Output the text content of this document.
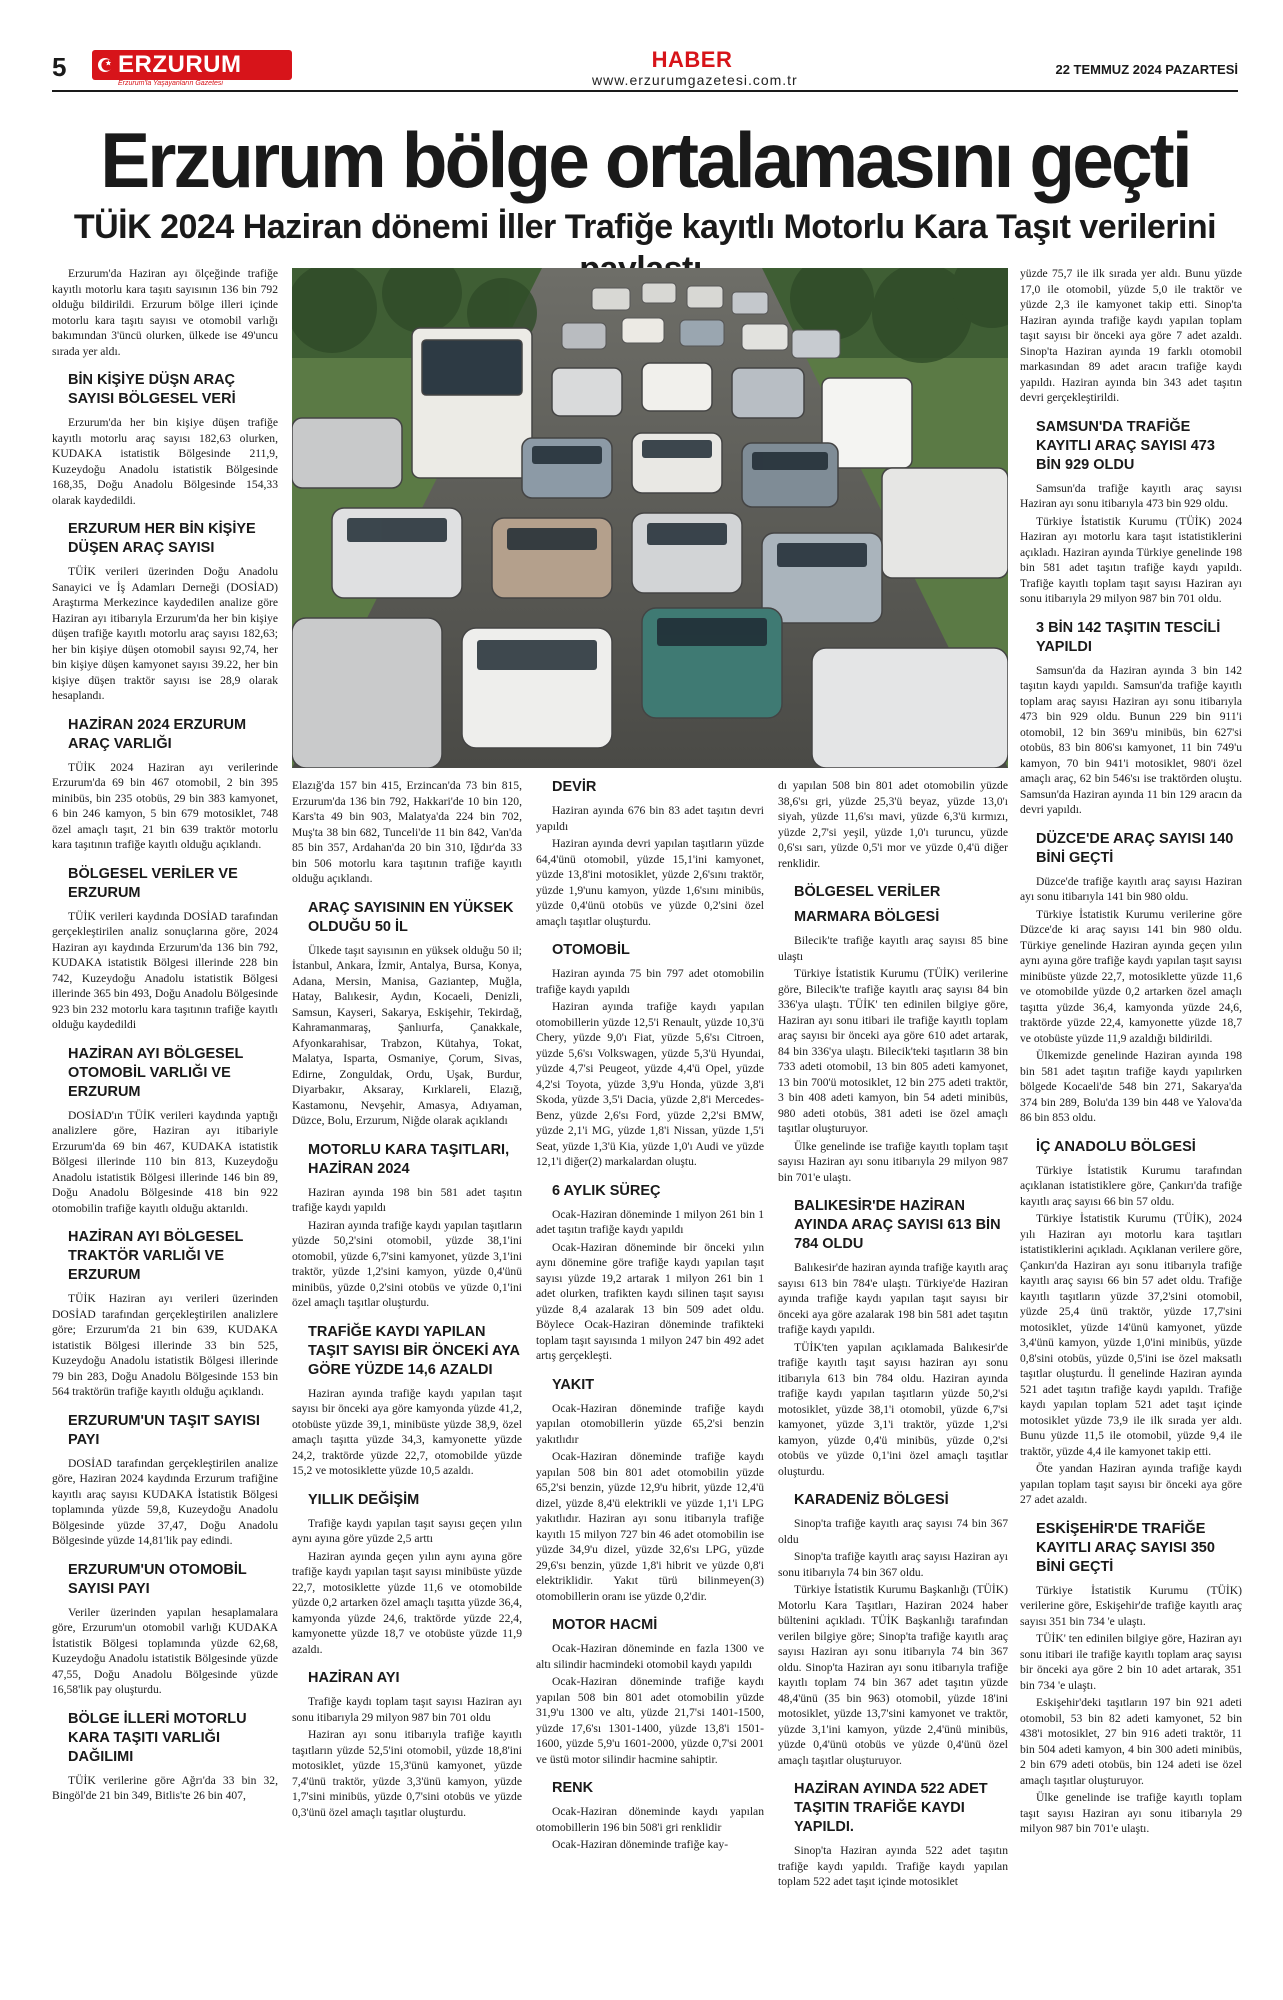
5 ERZURUM
Erzurum'la Yaşayanların Gazetesi
HABER
www.erzurumgazetesi.com.tr
22 TEMMUZ 2024 PAZARTESİ
Erzurum bölge ortalamasını geçti
TÜİK 2024 Haziran dönemi İller Trafiğe kayıtlı Motorlu Kara Taşıt verilerini

Erzurum'da Haziran ayı ölçeğinde trafiğe kayıtlı motorlu kara taşıtı sayısının 136 bin 792 olduğu bildirildi. Erzurum bölge illeri içinde motorlu kara taşıtı sayısı ve otomobil varlığı bakımından 3'üncü olurken, ülkede ise 49'uncu sırada yer aldı.

BİN KİŞİYE DÜŞN ARAÇ SAYISI BÖLGESEL VERİ

Erzurum'da her bin kişiye düşen trafiğe kayıtlı motorlu araç sayısı 182,63 olurken, KUDAKA istatistik Bölgesinde 211,9, Kuzeydoğu Anadolu istatistik Bölgesinde 168,35, Doğu Anadolu Bölgesinde 154,33 olarak kaydedildi.

ERZURUM HER BİN KİŞİYE DÜŞEN ARAÇ SAYISI

TÜİK verileri üzerinden Doğu Anadolu Sanayici ve İş Adamları Derneği (DOSİAD) Araştırma Merkezince kaydedilen analize göre Haziran ayı itibarıyla Erzurum'da her bin kişiye düşen trafiğe kayıtlı motorlu araç sayısı 182,63; her bin kişiye düşen otomobil sayısı 92,74, her bin kişiye düşen kamyonet sayısı 39.22, her bin kişiye düşen traktör sayısı ise 28,9 olarak hesaplandı.

HAZİRAN 2024 ERZURUM ARAÇ VARLIĞI

TÜİK 2024 Haziran ayı verilerinde Erzurum'da 69 bin 467 otomobil, 2 bin 395 minibüs, bin 235 otobüs, 29 bin 383 kamyonet, 6 bin 246 kamyon, 5 bin 679 motosiklet, 748 özel amaçlı taşıt, 21 bin 639 traktör motorlu kara taşıtının trafiğe kayıtlı olduğu açıklandı.

BÖLGESEL VERİLER VE ERZURUM

TÜİK verileri kaydında DOSİAD tarafından gerçekleştirilen analiz sonuçlarına göre, 2024 Haziran ayı kaydında Erzurum'da 136 bin 792, KUDAKA istatistik Bölgesi illerinde 228 bin 742, Kuzeydoğu Anadolu istatistik Bölgesi illerinde 365 bin 493, Doğu Anadolu Bölgesinde 923 bin 232 motorlu kara taşıtının trafiğe kayıtlı olduğu kaydedildi

HAZİRAN AYI BÖLGESEL OTOMOBİL VARLIĞI VE ERZURUM

DOSİAD'ın TÜİK verileri kaydında yaptığı analizlere göre, Haziran ayı itibariyle Erzurum'da 69 bin 467, KUDAKA istatistik Bölgesi illerinde 110 bin 813, Kuzeydoğu Anadolu istatistik Bölgesi illerinde 146 bin 89, Doğu Anadolu Bölgesinde 418 bin 922 otomobilin trafiğe kayıtlı olduğu aktarıldı.

HAZİRAN AYI BÖLGESEL TRAKTÖR VARLIĞI VE ERZURUM

TÜİK Haziran ayı verileri üzerinden DOSİAD tarafından gerçekleştirilen analizlere göre; Erzurum'da 21 bin 639, KUDAKA istatistik Bölgesi illerinde 33 bin 525, Kuzeydoğu Anadolu istatistik Bölgesi illerinde 79 bin 283, Doğu Anadolu Bölgesinde 153 bin 564 traktörün trafiğe kayıtlı olduğu açıklandı.

ERZURUM'UN TAŞIT SAYISI PAYI

DOSİAD tarafından gerçekleştirilen analize göre, Haziran 2024 kaydında Erzurum trafiğine kayıtlı araç sayısı KUDAKA İstatistik Bölgesi toplamında yüzde 59,8, Kuzeydoğu Anadolu Bölgesinde yüzde 37,47, Doğu Anadolu Bölgesinde yüzde 14,81'lik pay edindi.

ERZURUM'UN OTOMOBİL SAYISI PAYI

Veriler üzerinden yapılan hesaplamalara göre, Erzurum'un otomobil varlığı KUDAKA İstatistik Bölgesi toplamında yüzde 62,68, Kuzeydoğu Anadolu istatistik Bölgesinde yüzde 47,55, Doğu Anadolu Bölgesinde yüzde 16,58'lik pay oluşturdu.

BÖLGE İLLERİ MOTORLU KARA TAŞITI VARLIĞI DAĞILIMI

TÜİK verilerine göre Ağrı'da 33 bin 32, Bingöl'de 21 bin 349, Bitlis'te 26 bin 407,

Elazığ'da 157 bin 415, Erzincan'da 73 bin 815, Erzurum'da 136 bin 792, Hakkari'de 10 bin 120, Kars'ta 49 bin 903, Malatya'da 224 bin 702, Muş'ta 38 bin 682, Tunceli'de 11 bin 842, Van'da 85 bin 357, Ardahan'da 20 bin 310, Iğdır'da 33 bin 506 motorlu kara taşıtının trafiğe kayıtlı olduğu açıklandı.

ARAÇ SAYISININ EN YÜKSEK OLDUĞU 50 İL

Ülkede taşıt sayısının en yüksek olduğu 50 il; İstanbul, Ankara, İzmir, Antalya, Bursa, Konya, Adana, Mersin, Manisa, Gaziantep, Muğla, Hatay, Balıkesir, Aydın, Kocaeli, Denizli, Samsun, Kayseri, Sakarya, Eskişehir, Tekirdağ, Kahramanmaraş, Şanlıurfa, Çanakkale, Afyonkarahisar, Trabzon, Kütahya, Tokat, Malatya, Isparta, Osmaniye, Çorum, Sivas, Edirne, Zonguldak, Ordu, Uşak, Burdur, Diyarbakır, Aksaray, Kırklareli, Elazığ, Kastamonu, Nevşehir, Amasya, Adıyaman, Düzce, Bolu, Erzurum, Niğde olarak açıklandı

MOTORLU KARA TAŞITLARI, HAZİRAN 2024

Haziran ayında 198 bin 581 adet taşıtın trafiğe kaydı yapıldı

Haziran ayında trafiğe kaydı yapılan taşıtların yüzde 50,2'sini otomobil, yüzde 38,1'ini otomobil, yüzde 6,7'sini kamyonet, yüzde 3,1'ini traktör, yüzde 1,2'sini kamyon, yüzde 0,4'ünü minibüs, yüzde 0,2'sini otobüs ve yüzde 0,1'ini özel amaçlı taşıtlar oluşturdu.

TRAFİĞE KAYDI YAPILAN TAŞIT SAYISI BİR ÖNCEKİ AYA GÖRE YÜZDE 14,6 AZALDI

Haziran ayında trafiğe kaydı yapılan taşıt sayısı bir önceki aya göre kamyonda yüzde 41,2, otobüste yüzde 39,1, minibüste yüzde 38,9, özel amaçlı taşıtta yüzde 34,3, kamyonette yüzde 24,2, traktörde yüzde 22,7, otomobilde yüzde 15,2 ve motosiklette yüzde 10,5 azaldı.

YILLIK DEĞİŞİM

Trafiğe kaydı yapılan taşıt sayısı geçen yılın aynı ayına göre yüzde 2,5 arttı

Haziran ayında geçen yılın aynı ayına göre trafiğe kaydı yapılan taşıt sayısı minibüste yüzde 22,7, motosiklette yüzde 11,6 ve otomobilde yüzde 0,2 artarken özel amaçlı taşıtta yüzde 36,4, kamyonda yüzde 24,6, traktörde yüzde 22,4, kamyonette yüzde 18,7 ve otobüste yüzde 11,9 azaldı.

HAZİRAN AYI

Trafiğe kaydı toplam taşıt sayısı Haziran ayı sonu itibarıyla 29 milyon 987 bin 701 oldu

Haziran ayı sonu itibarıyla trafiğe kayıtlı taşıtların yüzde 52,5'ini otomobil, yüzde 18,8'ini motosiklet, yüzde 15,3'ünü kamyonet, yüzde 7,4'ünü traktör, yüzde 3,3'ünü kamyon, yüzde 1,7'sini minibüs, yüzde 0,7'sini otobüs ve yüzde 0,3'ünü özel amaçlı taşıtlar oluşturdu.

DEVİR

Haziran ayında 676 bin 83 adet taşıtın devri yapıldı

Haziran ayında devri yapılan taşıtların yüzde 64,4'ünü otomobil, yüzde 15,1'ini kamyonet, yüzde 13,8'ini motosiklet, yüzde 2,6'sını traktör, yüzde 1,9'unu kamyon, yüzde 1,6'sını minibüs, yüzde 0,4'ünü otobüs ve yüzde 0,2'sini özel amaçlı taşıtlar oluşturdu.

OTOMOBİL

Haziran ayında 75 bin 797 adet otomobilin trafiğe kaydı yapıldı

Haziran ayında trafiğe kaydı yapılan otomobillerin yüzde 12,5'i Renault, yüzde 10,3'ü Chery, yüzde 9,0'ı Fiat, yüzde 5,6'sı Citroen, yüzde 5,6'sı Volkswagen, yüzde 5,3'ü Hyundai, yüzde 4,7'si Peugeot, yüzde 4,4'ü Opel, yüzde 4,2'si Toyota, yüzde 3,9'u Honda, yüzde 3,8'i Skoda, yüzde 3,5'i Dacia, yüzde 2,8'i Mercedes-Benz, yüzde 2,6'sı Ford, yüzde 2,2'si BMW, yüzde 2,1'i MG, yüzde 1,8'i Nissan, yüzde 1,5'i Seat, yüzde 1,3'ü Kia, yüzde 1,0'ı Audi ve yüzde 12,1'i diğer(2) markalardan oluştu.

6 AYLIK SÜREÇ

Ocak-Haziran döneminde 1 milyon 261 bin 1 adet taşıtın trafiğe kaydı yapıldı

Ocak-Haziran döneminde bir önceki yılın aynı dönemine göre trafiğe kaydı yapılan taşıt sayısı yüzde 19,2 artarak 1 milyon 261 bin 1 adet olurken, trafikten kaydı silinen taşıt sayısı yüzde 8,4 azalarak 13 bin 509 adet oldu. Böylece Ocak-Haziran döneminde trafikteki toplam taşıt sayısında 1 milyon 247 bin 492 adet artış gerçekleşti.

YAKIT

Ocak-Haziran döneminde trafiğe kaydı yapılan otomobillerin yüzde 65,2'si benzin yakıtlıdır

Ocak-Haziran döneminde trafiğe kaydı yapılan 508 bin 801 adet otomobilin yüzde 65,2'si benzin, yüzde 12,9'u hibrit, yüzde 12,4'ü dizel, yüzde 8,4'ü elektrikli ve yüzde 1,1'i LPG yakıtlıdır. Haziran ayı sonu itibarıyla trafiğe kayıtlı 15 milyon 727 bin 46 adet otomobilin ise yüzde 34,9'u dizel, yüzde 32,6'sı LPG, yüzde 29,6'sı benzin, yüzde 1,8'i hibrit ve yüzde 0,8'i elektriklidir. Yakıt türü bilinmeyen(3) otomobillerin oranı ise yüzde 0,2'dir.

MOTOR HACMİ

Ocak-Haziran döneminde en fazla 1300 ve altı silindir hacmindeki otomobil kaydı yapıldı

Ocak-Haziran döneminde trafiğe kaydı yapılan 508 bin 801 adet otomobilin yüzde 31,9'u 1300 ve altı, yüzde 21,7'si 1401-1500, yüzde 17,6'sı 1301-1400, yüzde 13,8'i 1501-1600, yüzde 5,9'u 1601-2000, yüzde 0,7'si 2001 ve üstü motor silindir hacmine sahiptir.

RENK

Ocak-Haziran döneminde kaydı yapılan otomobillerin 196 bin 508'i gri renklidir

Ocak-Haziran döneminde trafiğe kay-

dı yapılan 508 bin 801 adet otomobilin yüzde 38,6'sı gri, yüzde 25,3'ü beyaz, yüzde 13,0'ı siyah, yüzde 11,6'sı mavi, yüzde 6,3'ü kırmızı, yüzde 2,7'si yeşil, yüzde 1,0'ı turuncu, yüzde 0,6'sı sarı, yüzde 0,5'i mor ve yüzde 0,4'ü diğer renklidir.

BÖLGESEL VERİLER
MARMARA BÖLGESİ

Bilecik'te trafiğe kayıtlı araç sayısı 85 bine ulaştı

Türkiye İstatistik Kurumu (TÜİK) verilerine göre, Bilecik'te trafiğe kayıtlı araç sayısı 84 bin 336'ya ulaştı. TÜİK' ten edinilen bilgiye göre, Haziran ayı sonu itibari ile trafiğe kayıtlı toplam araç sayısı bir önceki aya göre 610 adet artarak, 84 bin 336'ya ulaştı. Bilecik'teki taşıtların 38 bin 733 adeti otomobil, 13 bin 805 adeti kamyonet, 13 bin 700'ü motosiklet, 12 bin 275 adeti traktör, 3 bin 408 adeti kamyon, bin 54 adeti minibüs, 980 adeti otobüs, 381 adeti ise özel amaçlı taşıtlar oluşturuyor.

Ülke genelinde ise trafiğe kayıtlı toplam taşıt sayısı Haziran ayı sonu itibarıyla 29 milyon 987 bin 701'e ulaştı.

BALIKESİR'DE HAZİRAN AYINDA ARAÇ SAYISI 613 BİN 784 OLDU

Balıkesir'de haziran ayında trafiğe kayıtlı araç sayısı 613 bin 784'e ulaştı. Türkiye'de Haziran ayında trafiğe kaydı yapılan taşıt sayısı bir önceki aya göre azalarak 198 bin 581 adet taşıtın trafiğe kaydı yapıldı.

TÜİK'ten yapılan açıklamada Balıkesir'de trafiğe kayıtlı taşıt sayısı haziran ayı sonu itibarıyla 613 bin 784 oldu. Haziran ayında trafiğe kaydı yapılan taşıtların yüzde 50,2'si motosiklet, yüzde 38,1'i otomobil, yüzde 6,7'si kamyonet, yüzde 3,1'i traktör, yüzde 1,2'si kamyon, yüzde 0,4'ü minibüs, yüzde 0,2'si otobüs ve yüzde 0,1'ini özel amaçlı taşıtlar oluşturdu.

KARADENİZ BÖLGESİ

Sinop'ta trafiğe kayıtlı araç sayısı 74 bin 367 oldu

Sinop'ta trafiğe kayıtlı araç sayısı Haziran ayı sonu itibarıyla 74 bin 367 oldu.

Türkiye İstatistik Kurumu Başkanlığı (TÜİK) Motorlu Kara Taşıtları, Haziran 2024 haber bültenini açıkladı. TÜİK Başkanlığı tarafından verilen bilgiye göre; Sinop'ta trafiğe kayıtlı araç sayısı Haziran ayı sonu itibarıyla 74 bin 367 oldu. Sinop'ta Haziran ayı sonu itibarıyla trafiğe kayıtlı toplam 74 bin 367 adet taşıtın yüzde 48,4'ünü (35 bin 963) otomobil, yüzde 18'ini motosiklet, yüzde 13,7'sini kamyonet ve traktör, yüzde 3,1'ini kamyon, yüzde 2,4'ünü minibüs, yüzde 0,4'ünü otobüs ve yüzde 0,4'ünü özel amaçlı taşıtlar oluşturuyor.

HAZİRAN AYINDA 522 ADET TAŞITIN TRAFİĞE KAYDI YAPILDI.

Sinop'ta Haziran ayında 522 adet taşıtın trafiğe kaydı yapıldı. Trafiğe kaydı yapılan toplam 522 adet taşıt içinde motosiklet

yüzde 75,7 ile ilk sırada yer aldı. Bunu yüzde 17,0 ile otomobil, yüzde 5,0 ile traktör ve yüzde 2,3 ile kamyonet takip etti. Sinop'ta Haziran ayında trafiğe kaydı yapılan toplam taşıt sayısı bir önceki aya göre 7 adet azaldı. Sinop'ta Haziran ayında 19 farklı otomobil markasından 89 adet aracın trafiğe kaydı yapıldı. Haziran ayında bin 343 adet taşıtın devri gerçekleştirildi.

SAMSUN'DA TRAFİĞE KAYITLI ARAÇ SAYISI 473 BİN 929 OLDU

Samsun'da trafiğe kayıtlı araç sayısı Haziran ayı sonu itibarıyla 473 bin 929 oldu.

Türkiye İstatistik Kurumu (TÜİK) 2024 Haziran ayı motorlu kara taşıt istatistiklerini açıkladı. Haziran ayında Türkiye genelinde 198 bin 581 adet taşıtın trafiğe kaydı yapıldı. Trafiğe kayıtlı toplam taşıt sayısı Haziran ayı sonu itibarıyla 29 milyon 987 bin 701 oldu.

3 BİN 142 TAŞITIN TESCİLİ YAPILDI

Samsun'da da Haziran ayında 3 bin 142 taşıtın kaydı yapıldı. Samsun'da trafiğe kayıtlı toplam araç sayısı Haziran ayı sonu itibarıyla 473 bin 929 oldu. Bunun 229 bin 911'i otomobil, 12 bin 369'u minibüs, bin 627'si otobüs, 83 bin 806'sı kamyonet, 11 bin 749'u kamyon, 70 bin 941'i motosiklet, 980'i özel amaçlı araç, 62 bin 546'sı ise traktörden oluştu. Samsun'da Haziran ayında 11 bin 129 aracın da devri yapıldı.

DÜZCE'DE ARAÇ SAYISI 140 BİNİ GEÇTİ

Düzce'de trafiğe kayıtlı araç sayısı Haziran ayı sonu itibarıyla 141 bin 980 oldu.

Türkiye İstatistik Kurumu verilerine göre Düzce'de ki araç sayısı 141 bin 980 oldu. Türkiye genelinde Haziran ayında geçen yılın aynı ayına göre trafiğe kaydı yapılan taşıt sayısı minibüste yüzde 22,7, motosiklette yüzde 11,6 ve otomobilde yüzde 0,2 artarken özel amaçlı taşıtta yüzde 36,4, kamyonda yüzde 24,6, traktörde yüzde 22,4, kamyonette yüzde 18,7 ve otobüste yüzde 11,9 azaldığı bildirildi.

Ülkemizde genelinde Haziran ayında 198 bin 581 adet taşıtın trafiğe kaydı yapılırken bölgede Kocaeli'de 548 bin 271, Sakarya'da 374 bin 289, Bolu'da 139 bin 448 ve Yalova'da 86 bin 853 oldu.

İÇ ANADOLU BÖLGESİ

Türkiye İstatistik Kurumu tarafından açıklanan istatistiklere göre, Çankırı'da trafiğe kayıtlı araç sayısı 66 bin 57 oldu.

Türkiye İstatistik Kurumu (TÜİK), 2024 yılı Haziran ayı motorlu kara taşıtları istatistiklerini açıkladı. Açıklanan verilere göre, Çankırı'da Haziran ayı sonu itibarıyla trafiğe kayıtlı araç sayısı 66 bin 57 adet oldu. Trafiğe kayıtlı taşıtların yüzde 37,2'sini otomobil, yüzde 25,4 ünü traktör, yüzde 17,7'sini motosiklet, yüzde 14'ünü kamyonet, yüzde 3,4'ünü kamyon, yüzde 1,0'ini minibüs, yüzde 0,8'sini otobüs, yüzde 0,5'ini ise özel maksatlı taşıtlar oluşturdu. İl genelinde Haziran ayında 521 adet taşıtın trafiğe kaydı yapıldı. Trafiğe kaydı yapılan toplam 521 adet taşıt içinde motosiklet yüzde 73,9 ile ilk sırada yer aldı. Bunu yüzde 11,5 ile otomobil, yüzde 9,4 ile traktör, yüzde 4,4 ile kamyonet takip etti.

Öte yandan Haziran ayında trafiğe kaydı yapılan toplam taşıt sayısı bir önceki aya göre 27 adet azaldı.

ESKİŞEHİR'DE TRAFİĞE KAYITLI ARAÇ SAYISI 350 BİNİ GEÇTİ

Türkiye İstatistik Kurumu (TÜİK) verilerine göre, Eskişehir'de trafiğe kayıtlı araç sayısı 351 bin 734 'e ulaştı.

TÜİK' ten edinilen bilgiye göre, Haziran ayı sonu itibari ile trafiğe kayıtlı toplam araç sayısı bir önceki aya göre 2 bin 10 adet artarak, 351 bin 734 'e ulaştı.

Eskişehir'deki taşıtların 197 bin 921 adeti otomobil, 53 bin 82 adeti kamyonet, 52 bin 438'i motosiklet, 27 bin 916 adeti traktör, 11 bin 504 adeti kamyon, 4 bin 300 adeti minibüs, 2 bin 679 adeti otobüs, bin 124 adeti ise özel amaçlı taşıtlar oluşturuyor.

Ülke genelinde ise trafiğe kayıtlı toplam taşıt sayısı Haziran ayı sonu itibarıyla 29 milyon 987 bin 701'e ulaştı.
